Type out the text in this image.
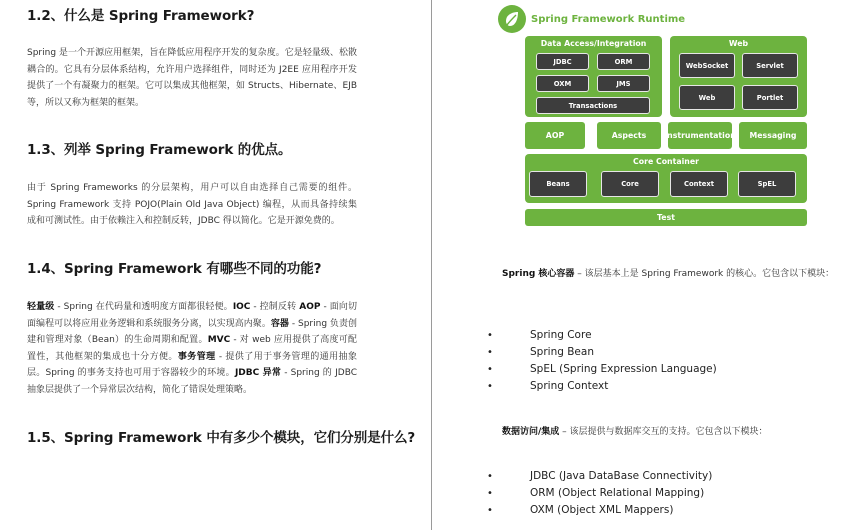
1.2、什么是 Spring Framework?

Spring 是一个开源应用框架，旨在降低应用程序开发的复杂度。它是轻量级、松散耦合的。它具有分层体系结构，允许用户选择组件，同时还为 J2EE 应用程序开发提供了一个有凝聚力的框架。它可以集成其他框架，如 Structs、Hibernate、EJB 等，所以又称为框架的框架。

1.3、列举 Spring Framework 的优点。

由于 Spring Frameworks 的分层架构，用户可以自由选择自己需要的组件。Spring Framework 支持 POJO(Plain Old Java Object) 编程，从而具备持续集成和可测试性。由于依赖注入和控制反转，JDBC 得以简化。它是开源免费的。

1.4、Spring Framework 有哪些不同的功能?

轻量级 - Spring 在代码量和透明度方面都很轻便。IOC - 控制反转 AOP - 面向切面编程可以将应用业务逻辑和系统服务分离，以实现高内聚。容器 - Spring 负责创建和管理对象（Bean）的生命周期和配置。MVC - 对 web 应用提供了高度可配置性，其他框架的集成也十分方便。事务管理 - 提供了用于事务管理的通用抽象层。Spring 的事务支持也可用于容器较少的环境。JDBC 异常 - Spring 的 JDBC 抽象层提供了一个异常层次结构，简化了错误处理策略。

1.5、Spring Framework 中有多少个模块，它们分别是什么?
Spring Framework Runtime
Data Access/Integration
JDBC	ORM
OXM	JMS
Transactions
Web
WebSocket	Servlet
Web	Portlet
AOP	Aspects	Instrumentation	Messaging
Core Container
Beans	Core	Context	SpEL
Test

Spring 核心容器 – 该层基本上是 Spring Framework 的核心。它包含以下模块：

• Spring Core
• Spring Bean
• SpEL (Spring Expression Language)
• Spring Context

数据访问/集成 – 该层提供与数据库交互的支持。它包含以下模块：

• JDBC (Java DataBase Connectivity)
• ORM (Object Relational Mapping)
• OXM (Object XML Mappers)
